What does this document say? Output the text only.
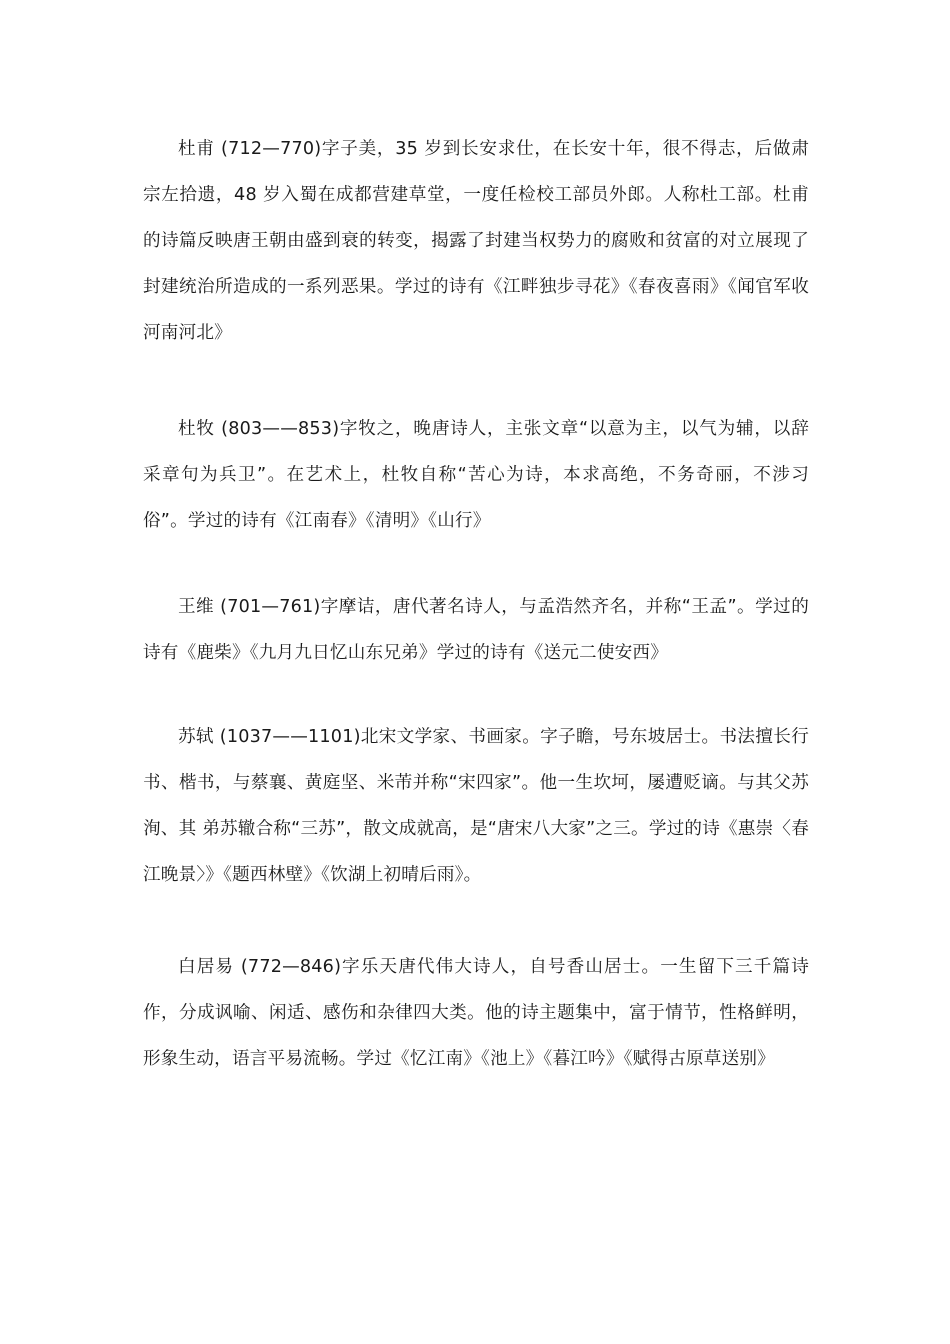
杜甫 (712—770)字子美，35 岁到长安求仕，在长安十年，很不得志，后做肃宗左拾遗，48 岁入蜀在成都营建草堂，一度任检校工部员外郎。人称杜工部。杜甫的诗篇反映唐王朝由盛到衰的转变，揭露了封建当权势力的腐败和贫富的对立展现了封建统治所造成的一系列恶果。学过的诗有《江畔独步寻花》《春夜喜雨》《闻官军收河南河北》

杜牧 (803——853)字牧之，晚唐诗人，主张文章“以意为主，以气为辅，以辞采章句为兵卫”。在艺术上，杜牧自称“苦心为诗，本求高绝，不务奇丽，不涉习俗”。学过的诗有《江南春》《清明》《山行》

王维 (701—761)字摩诘，唐代著名诗人，与孟浩然齐名，并称“王孟”。学过的诗有《鹿柴》《九月九日忆山东兄弟》学过的诗有《送元二使安西》

苏轼 (1037——1101)北宋文学家、书画家。字子瞻，号东坡居士。书法擅长行书、楷书，与蔡襄、黄庭坚、米芾并称“宋四家”。他一生坎坷，屡遭贬谪。与其父苏洵、其 弟苏辙合称“三苏”，散文成就高，是“唐宋八大家”之三。学过的诗《惠崇〈春江晚景〉》《题西林壁》《饮湖上初晴后雨》。

白居易 (772—846)字乐天唐代伟大诗人，自号香山居士。一生留下三千篇诗作，分成讽喻、闲适、感伤和杂律四大类。他的诗主题集中，富于情节，性格鲜明，形象生动，语言平易流畅。学过《忆江南》《池上》《暮江吟》《赋得古原草送别》
